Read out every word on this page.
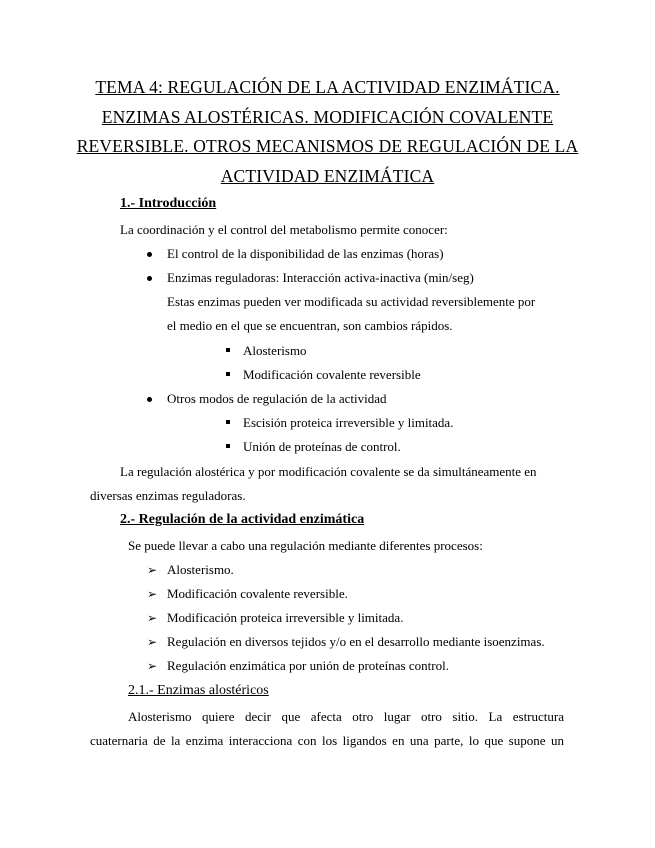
TEMA 4: REGULACIÓN DE LA ACTIVIDAD ENZIMÁTICA. ENZIMAS ALOSTÉRICAS. MODIFICACIÓN COVALENTE REVERSIBLE. OTROS MECANISMOS DE REGULACIÓN DE LA ACTIVIDAD ENZIMÁTICA
1.- Introducción
La coordinación y el control del metabolismo permite conocer:
El control de la disponibilidad de las enzimas (horas)
Enzimas reguladoras: Interacción activa-inactiva (min/seg)
Estas enzimas pueden ver modificada su actividad reversiblemente por
el medio en el que se encuentran, son cambios rápidos.
Alosterismo
Modificación covalente reversible
Otros modos de regulación de la actividad
Escisión proteica irreversible y limitada.
Unión de proteínas de control.
La regulación alostérica y por modificación covalente se da simultáneamente en
diversas enzimas reguladoras.
2.- Regulación de la actividad enzimática
Se puede llevar a cabo una regulación mediante diferentes procesos:
➢ Alosterismo.
➢ Modificación covalente reversible.
➢ Modificación proteica irreversible y limitada.
➢ Regulación en diversos tejidos y/o en el desarrollo mediante isoenzimas.
➢ Regulación enzimática por unión de proteínas control.
2.1.- Enzimas alostéricos
Alosterismo quiere decir que afecta otro lugar otro sitio. La estructura
cuaternaria de la enzima interacciona con los ligandos en una parte, lo que supone un
